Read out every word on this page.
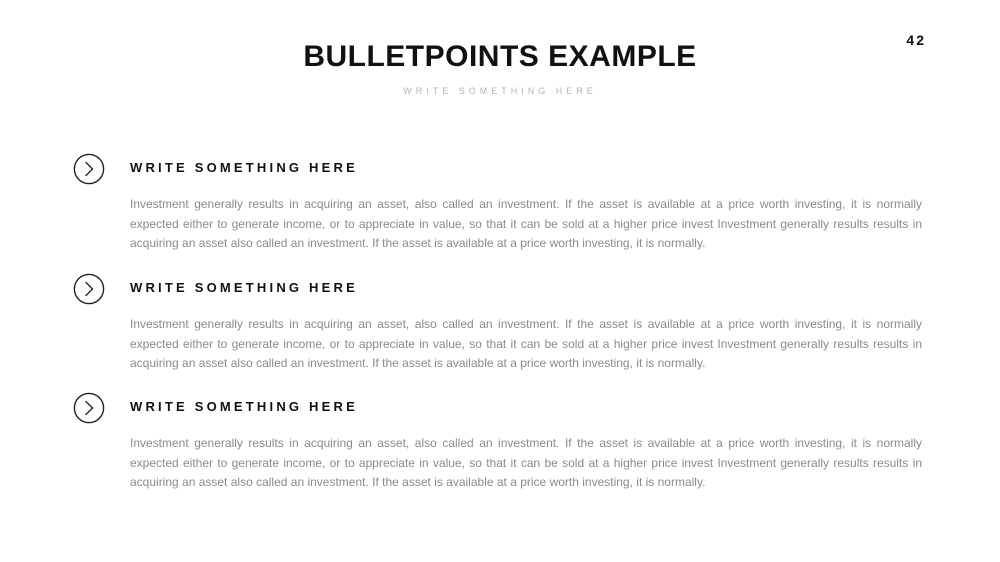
42
BULLETPOINTS EXAMPLE
WRITE SOMETHING HERE
WRITE SOMETHING HERE

Investment generally results in acquiring an asset, also called an investment. If the asset is available at a price worth investing, it is normally expected either to generate income, or to appreciate in value, so that it can be sold at a higher price invest Investment generally results results in acquiring an asset also called an investment. If the asset is available at a price worth investing, it is normally.

WRITE SOMETHING HERE

Investment generally results in acquiring an asset, also called an investment. If the asset is available at a price worth investing, it is normally expected either to generate income, or to appreciate in value, so that it can be sold at a higher price invest Investment generally results results in acquiring an asset also called an investment. If the asset is available at a price worth investing, it is normally.

WRITE SOMETHING HERE

Investment generally results in acquiring an asset, also called an investment. If the asset is available at a price worth investing, it is normally expected either to generate income, or to appreciate in value, so that it can be sold at a higher price invest Investment generally results results in acquiring an asset also called an investment. If the asset is available at a price worth investing, it is normally.
